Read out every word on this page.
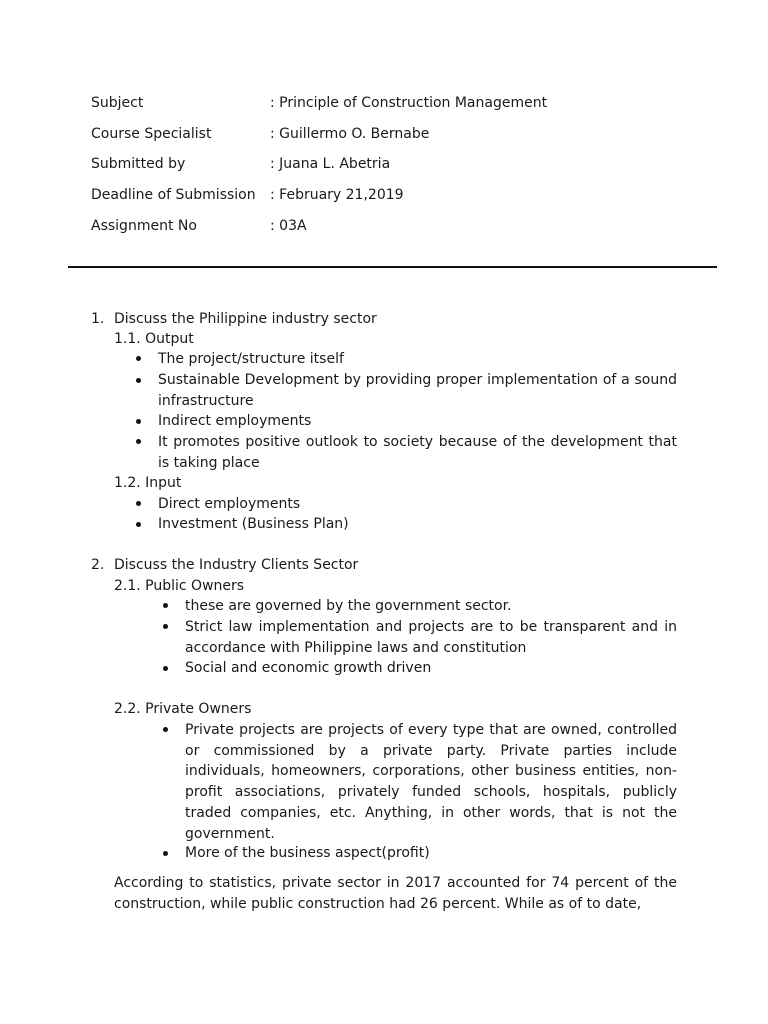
Subject	: Principle of Construction Management
Course Specialist	: Guillermo O. Bernabe
Submitted by	: Juana L. Abetria
Deadline of Submission : February 21,2019
Assignment No	: 03A
1. Discuss the Philippine industry sector
1.1. Output
The project/structure itself
Sustainable Development by providing proper implementation of a sound infrastructure
Indirect employments
It promotes positive outlook to society because of the development that is taking place
1.2. Input
Direct employments
Investment (Business Plan)
2. Discuss the Industry Clients Sector
2.1. Public Owners
these are governed by the government sector.
Strict law implementation and projects are to be transparent and in accordance with Philippine laws and constitution
Social and economic growth driven
2.2. Private Owners
Private projects are projects of every type that are owned, controlled or commissioned by a private party. Private parties include individuals, homeowners, corporations, other business entities, non-profit associations, privately funded schools, hospitals, publicly traded companies, etc. Anything, in other words, that is not the government.
More of the business aspect(profit)
According to statistics, private sector in 2017 accounted for 74 percent of the construction, while public construction had 26 percent. While as of to date,
